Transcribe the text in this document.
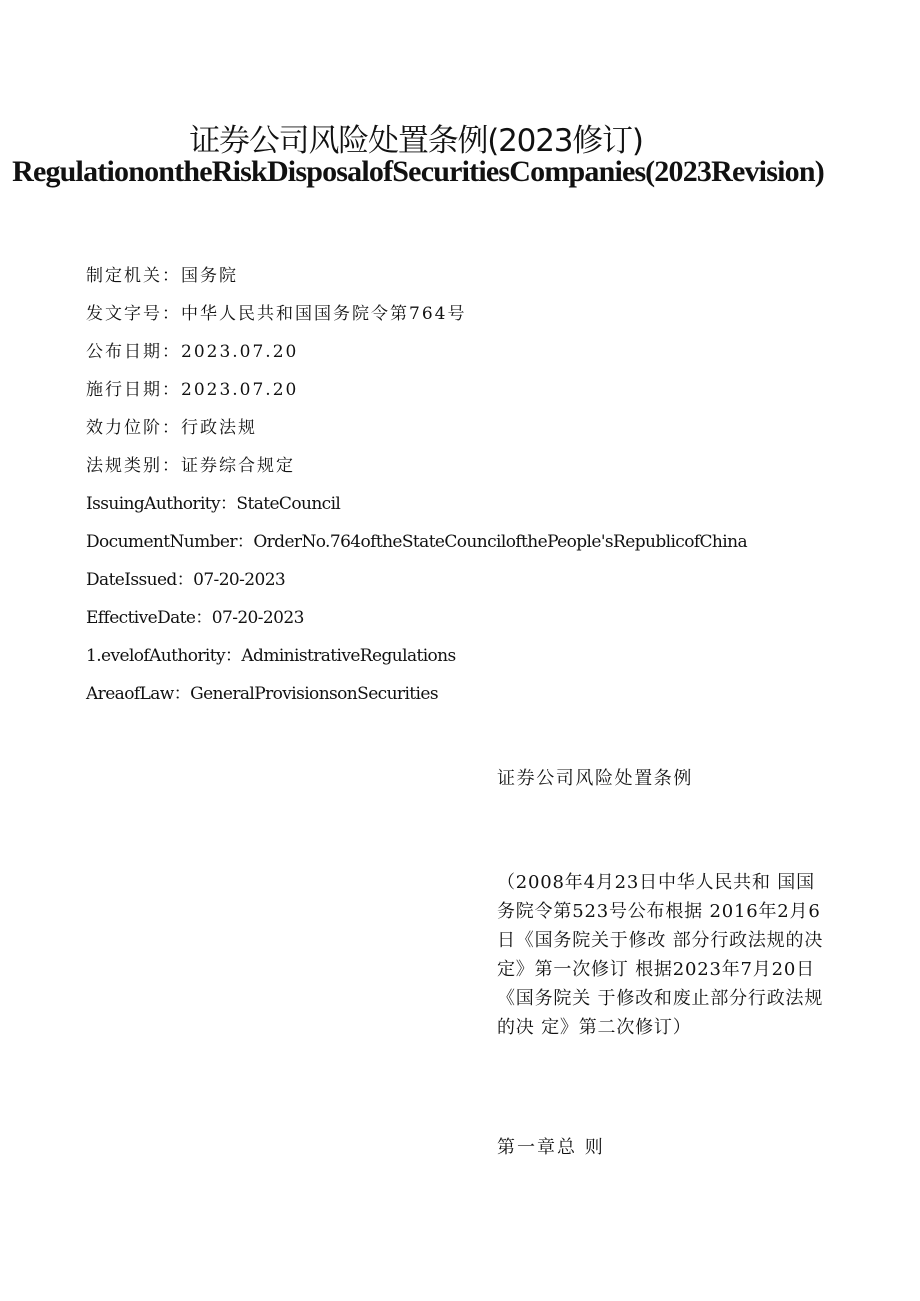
证券公司风险处置条例(2023修订)
RegulationontheRiskDisposalofSecuritiesCompanies (2023Revision)
制定机关：国务院
发文字号：中华人民共和国国务院令第764号
公布日期：2023.07.20
施行日期：2023.07.20
效力位阶：行政法规
法规类别：证券综合规定
IssuingAuthority：StateCouncil
DocumentNumber：OrderNo.764oftheStateCouncilofthePeople'sRepublicofChina
DateIssued：07-20-2023
EffectiveDate：07-20-2023
1.evelofAuthority：AdministrativeRegulations
AreaofLaw：GeneralProvisionsonSecurities
证券公司风险处置条例
（2008年4月23日中华人民共和 国国务院令第523号公布根据 2016年2月6日《国务院关于修改 部分行政法规的决定》第一次修订 根据2023年7月20日《国务院关 于修改和废止部分行政法规的决 定》第二次修订）
第一章总 则
